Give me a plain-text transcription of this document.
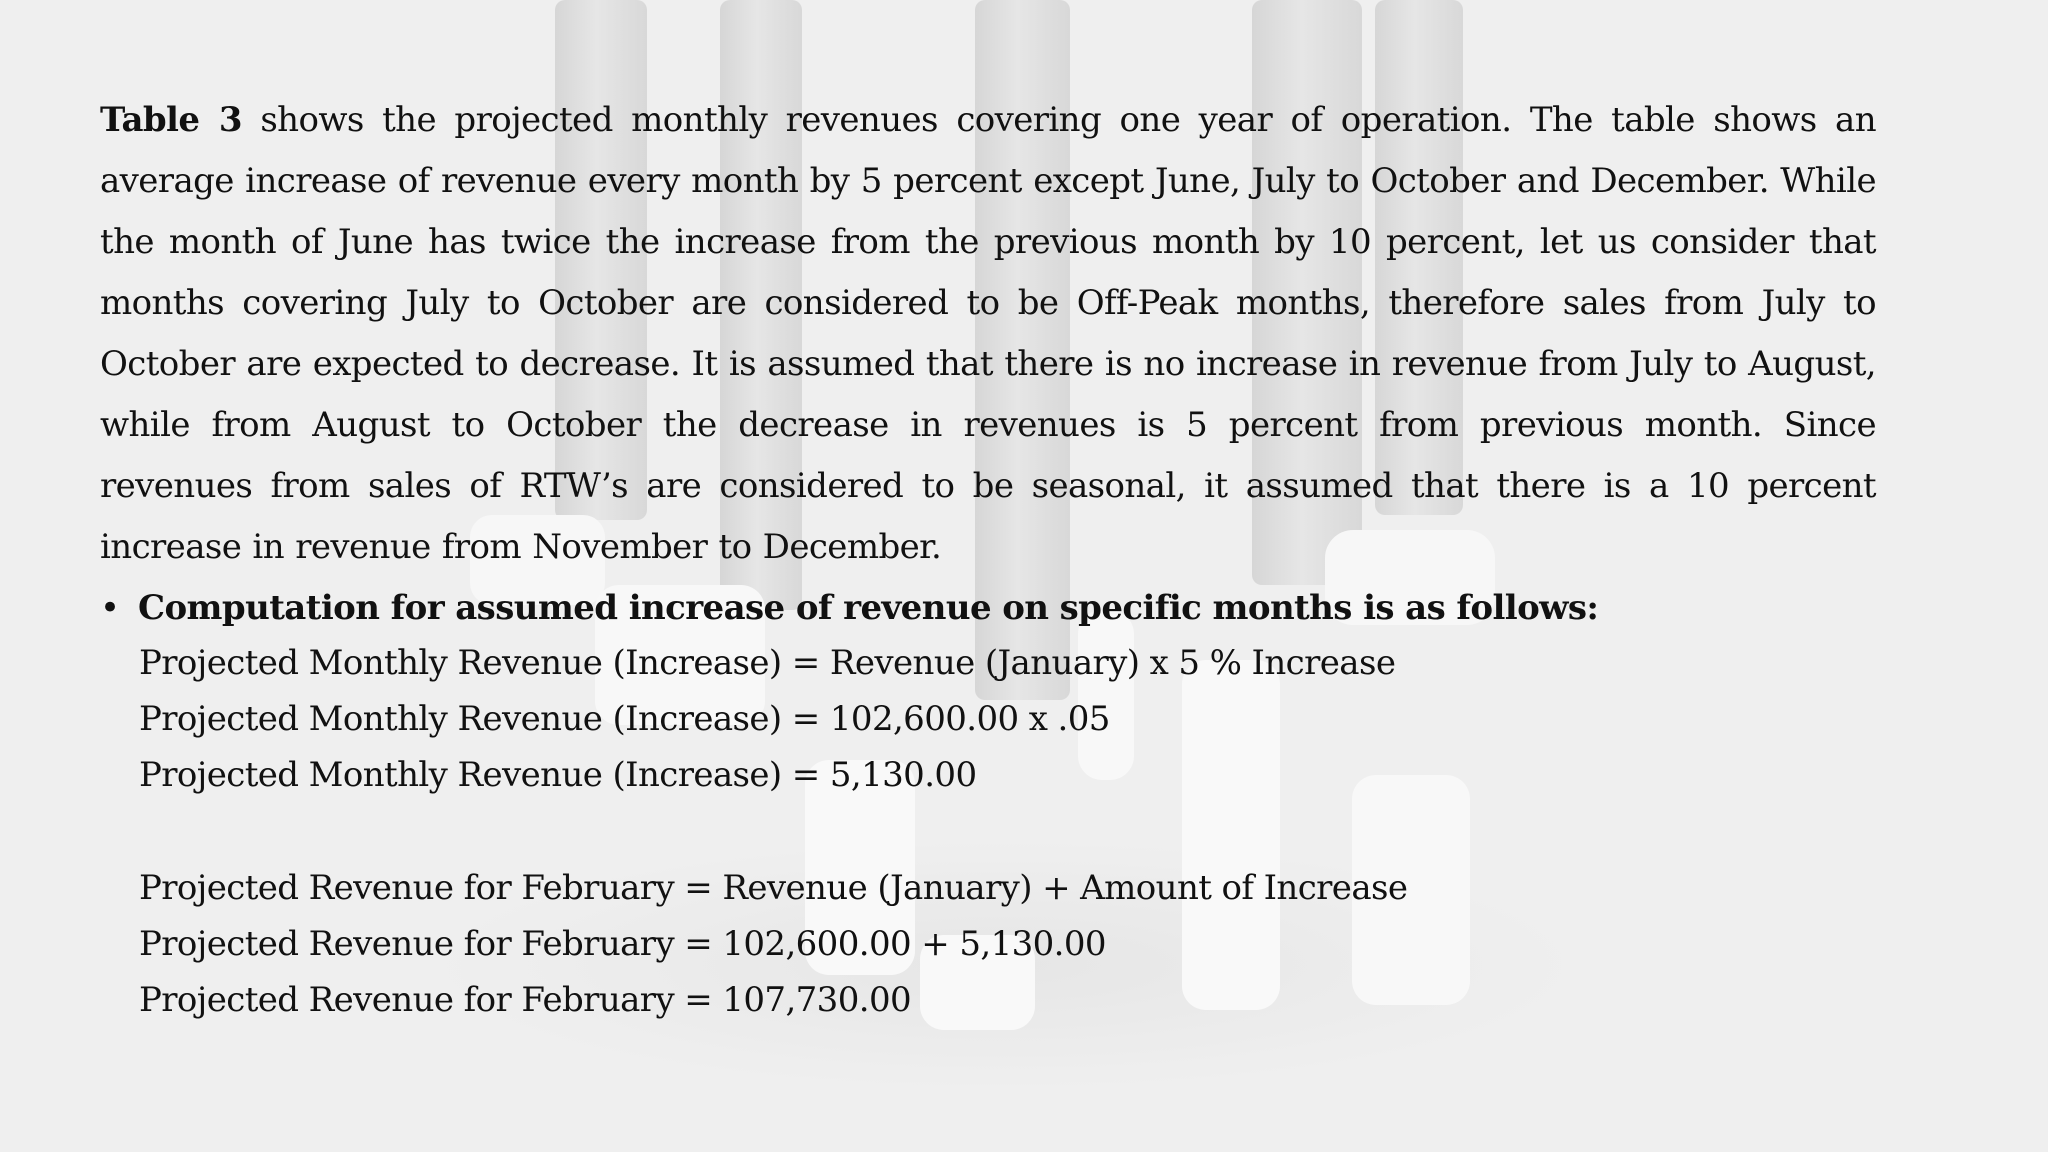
Table 3 shows the projected monthly revenues covering one year of operation. The table shows an average increase of revenue every month by 5 percent except June, July to October and December. While the month of June has twice the increase from the previous month by 10 percent, let us consider that months covering July to October are considered to be Off-Peak months, therefore sales from July to October are expected to decrease. It is assumed that there is no increase in revenue from July to August, while from August to October the decrease in revenues is 5 percent from previous month. Since revenues from sales of RTW’s are considered to be seasonal, it assumed that there is a 10 percent increase in revenue from November to December.

• Computation for assumed increase of revenue on specific months is as follows:
Projected Monthly Revenue (Increase) = Revenue (January) x 5 % Increase
Projected Monthly Revenue (Increase) = 102,600.00 x .05
Projected Monthly Revenue (Increase) = 5,130.00
Projected Revenue for February = Revenue (January) + Amount of Increase
Projected Revenue for February = 102,600.00 + 5,130.00
Projected Revenue for February = 107,730.00
